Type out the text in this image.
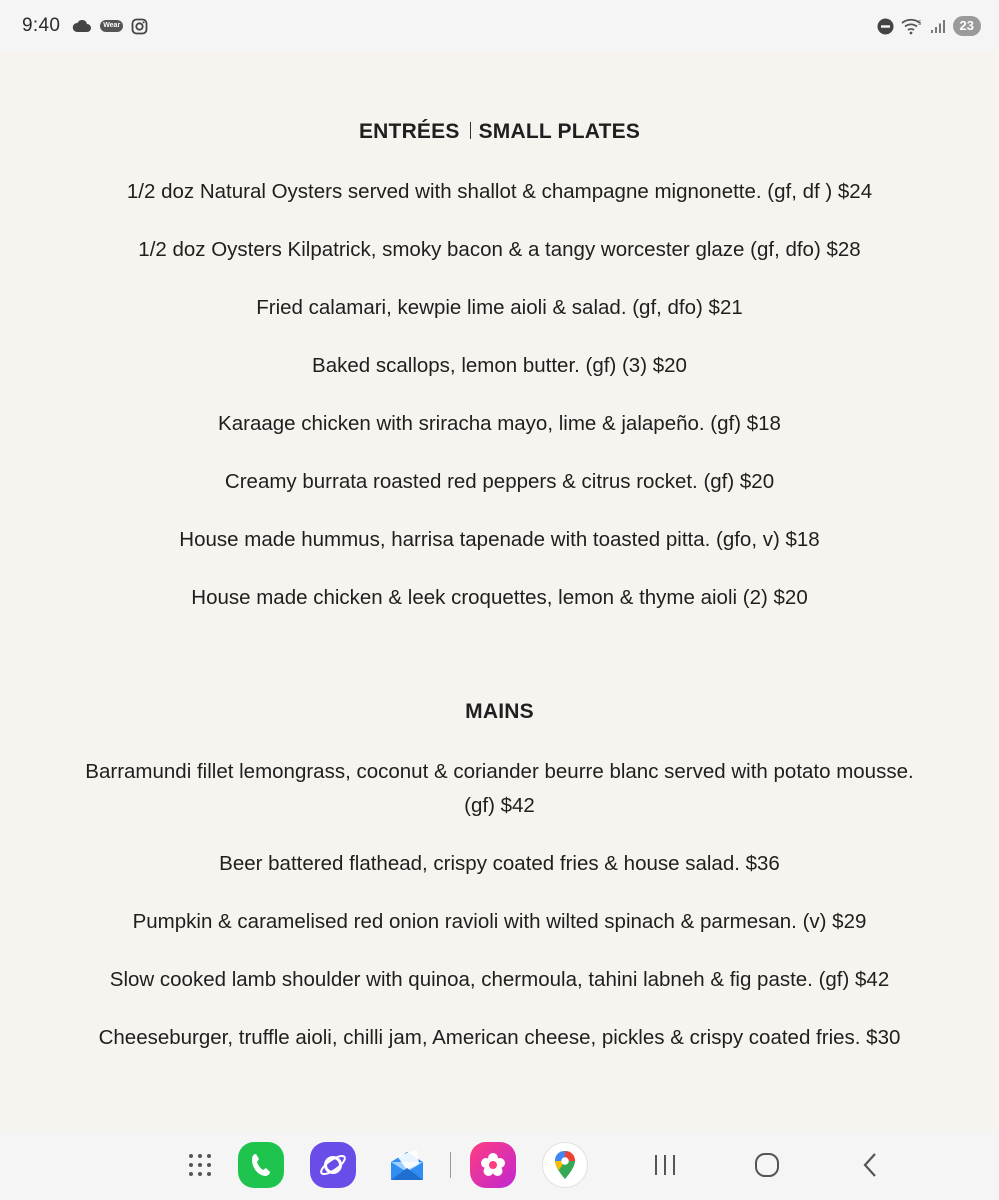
9:40	Wear	5	23
ENTRÉES SMALL PLATES
1/2 doz Natural Oysters served with shallot & champagne mignonette. (gf, df ) $24
1/2 doz Oysters Kilpatrick, smoky bacon & a tangy worcester glaze (gf, dfo) $28
Fried calamari, kewpie lime aioli & salad. (gf, dfo) $21
Baked scallops, lemon butter. (gf) (3) $20
Karaage chicken with sriracha mayo, lime & jalapeño. (gf) $18
Creamy burrata roasted red peppers & citrus rocket. (gf) $20
House made hummus, harrisa tapenade with toasted pitta. (gfo, v) $18
House made chicken & leek croquettes, lemon & thyme aioli (2) $20
MAINS
Barramundi fillet lemongrass, coconut & coriander beurre blanc served with potato mousse. (gf) $42
Beer battered flathead, crispy coated fries & house salad. $36
Pumpkin & caramelised red onion ravioli with wilted spinach & parmesan. (v) $29
Slow cooked lamb shoulder with quinoa, chermoula, tahini labneh & fig paste. (gf) $42
Cheeseburger, truffle aioli, chilli jam, American cheese, pickles & crispy coated fries. $30
